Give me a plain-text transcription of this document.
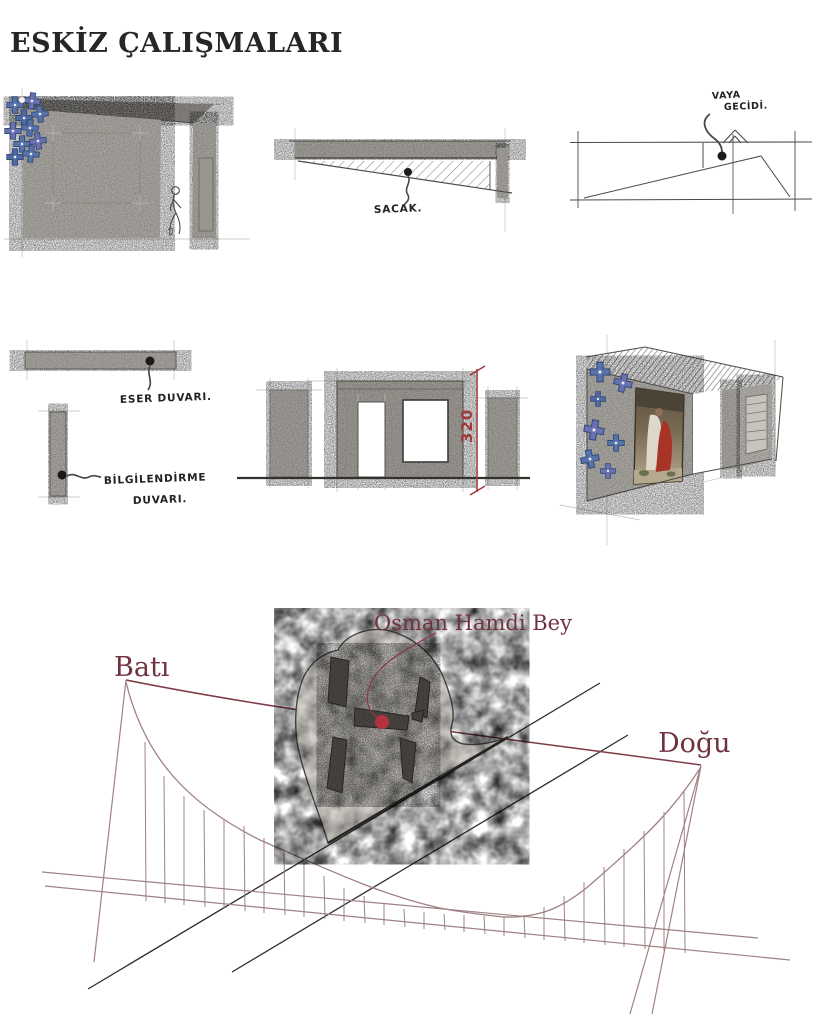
ESKİZ ÇALIŞMALARI
SACAK.
VAYA
GECİDİ.
ESER DUVARI.
BİLGİLENDİRME
DUVARI.
320
Osman Hamdi Bey
Batı
Doğu
